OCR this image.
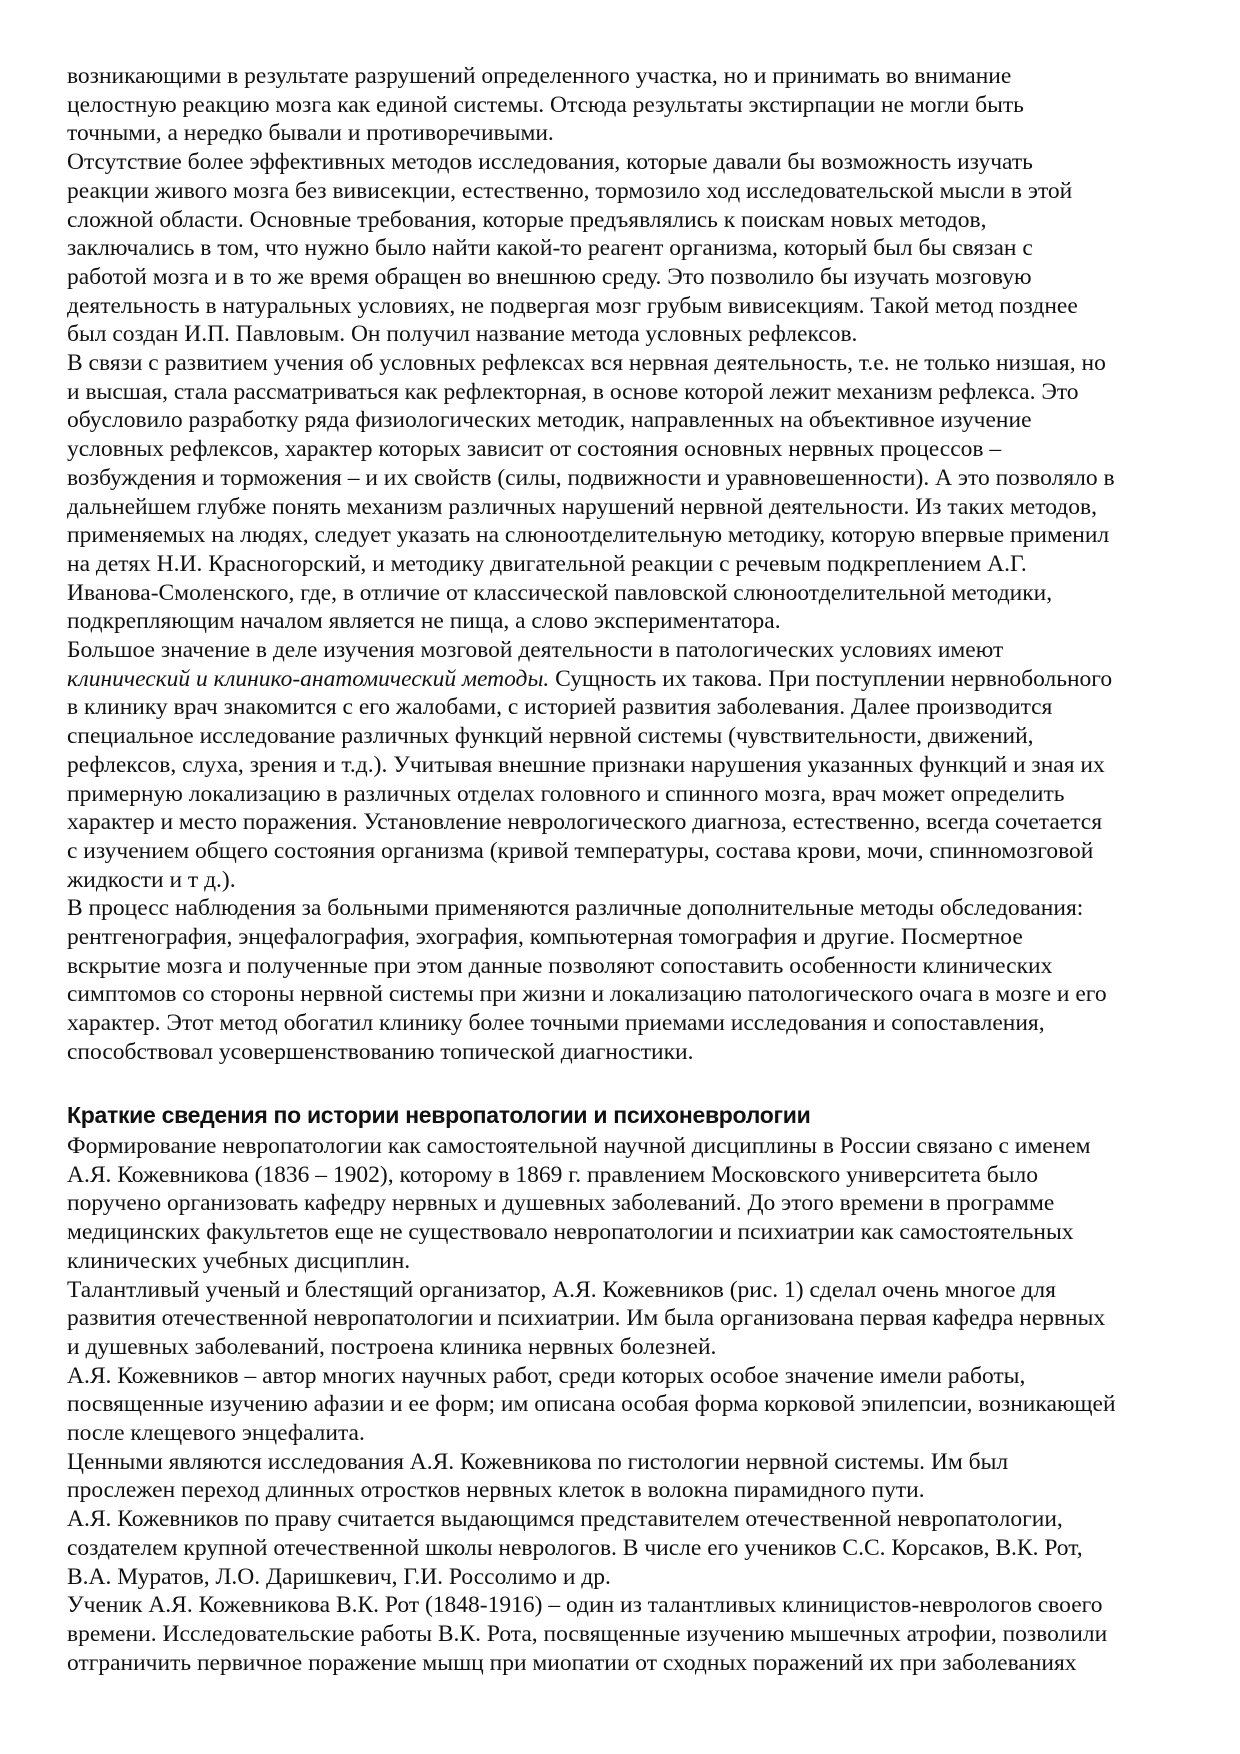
возникающими в результате разрушений определенного участка, но и принимать во внимание
целостную реакцию мозга как единой системы. Отсюда результаты экстирпации не могли быть
точными, а нередко бывали и противоречивыми.
Отсутствие более эффективных методов исследования, которые давали бы возможность изучать
реакции живого мозга без вивисекции, естественно, тормозило ход исследовательской мысли в этой
сложной области. Основные требования, которые предъявлялись к поискам новых методов,
заключались в том, что нужно было найти какой-то реагент организма, который был бы связан с
работой мозга и в то же время обращен во внешнюю среду. Это позволило бы изучать мозговую
деятельность в натуральных условиях, не подвергая мозг грубым вивисекциям. Такой метод позднее
был создан И.П. Павловым. Он получил название метода условных рефлексов.
В связи с развитием учения об условных рефлексах вся нервная деятельность, т.е. не только низшая, но
и высшая, стала рассматриваться как рефлекторная, в основе которой лежит механизм рефлекса. Это
обусловило разработку ряда физиологических методик, направленных на объективное изучение
условных рефлексов, характер которых зависит от состояния основных нервных процессов –
возбуждения и торможения – и их свойств (силы, подвижности и уравновешенности). А это позволяло в
дальнейшем глубже понять механизм различных нарушений нервной деятельности. Из таких методов,
применяемых на людях, следует указать на слюноотделительную методику, которую впервые применил
на детях Н.И. Красногорский, и методику двигательной реакции с речевым подкреплением А.Г.
Иванова-Смоленского, где, в отличие от классической павловской слюноотделительной методики,
подкрепляющим началом является не пища, а слово экспериментатора.
Большое значение в деле изучения мозговой деятельности в патологических условиях имеют
клинический и клинико-анатомический методы. Сущность их такова. При поступлении нервнобольного
в клинику врач знакомится с его жалобами, с историей развития заболевания. Далее производится
специальное исследование различных функций нервной системы (чувствительности, движений,
рефлексов, слуха, зрения и т.д.). Учитывая внешние признаки нарушения указанных функций и зная их
примерную локализацию в различных отделах головного и спинного мозга, врач может определить
характер и место поражения. Установление неврологического диагноза, естественно, всегда сочетается
с изучением общего состояния организма (кривой температуры, состава крови, мочи, спинномозговой
жидкости и т д.).
В процесс наблюдения за больными применяются различные дополнительные методы обследования:
рентгенография, энцефалография, эхография, компьютерная томография и другие. Посмертное
вскрытие мозга и полученные при этом данные позволяют сопоставить особенности клинических
симптомов со стороны нервной системы при жизни и локализацию патологического очага в мозге и его
характер. Этот метод обогатил клинику более точными приемами исследования и сопоставления,
способствовал усовершенствованию топической диагностики.
Краткие сведения по истории невропатологии и психоневрологии
Формирование невропатологии как самостоятельной научной дисциплины в России связано с именем
А.Я. Кожевникова (1836 – 1902), которому в 1869 г. правлением Московского университета было
поручено организовать кафедру нервных и душевных заболеваний. До этого времени в программе
медицинских факультетов еще не существовало невропатологии и психиатрии как самостоятельных
клинических учебных дисциплин.
Талантливый ученый и блестящий организатор, А.Я. Кожевников (рис. 1) сделал очень многое для
развития отечественной невропатологии и психиатрии. Им была организована первая кафедра нервных
и душевных заболеваний, построена клиника нервных болезней.
А.Я. Кожевников – автор многих научных работ, среди которых особое значение имели работы,
посвященные изучению афазии и ее форм; им описана особая форма корковой эпилепсии, возникающей
после клещевого энцефалита.
Ценными являются исследования А.Я. Кожевникова по гистологии нервной системы. Им был
прослежен переход длинных отростков нервных клеток в волокна пирамидного пути.
А.Я. Кожевников по праву считается выдающимся представителем отечественной невропатологии,
создателем крупной отечественной школы неврологов. В числе его учеников С.С. Корсаков, В.К. Рот,
В.А. Муратов, Л.О. Даришкевич, Г.И. Россолимо и др.
Ученик А.Я. Кожевникова В.К. Рот (1848-1916) – один из талантливых клиницистов-неврологов своего
времени. Исследовательские работы В.К. Рота, посвященные изучению мышечных атрофии, позволили
отграничить первичное поражение мышц при миопатии от сходных поражений их при заболеваниях
